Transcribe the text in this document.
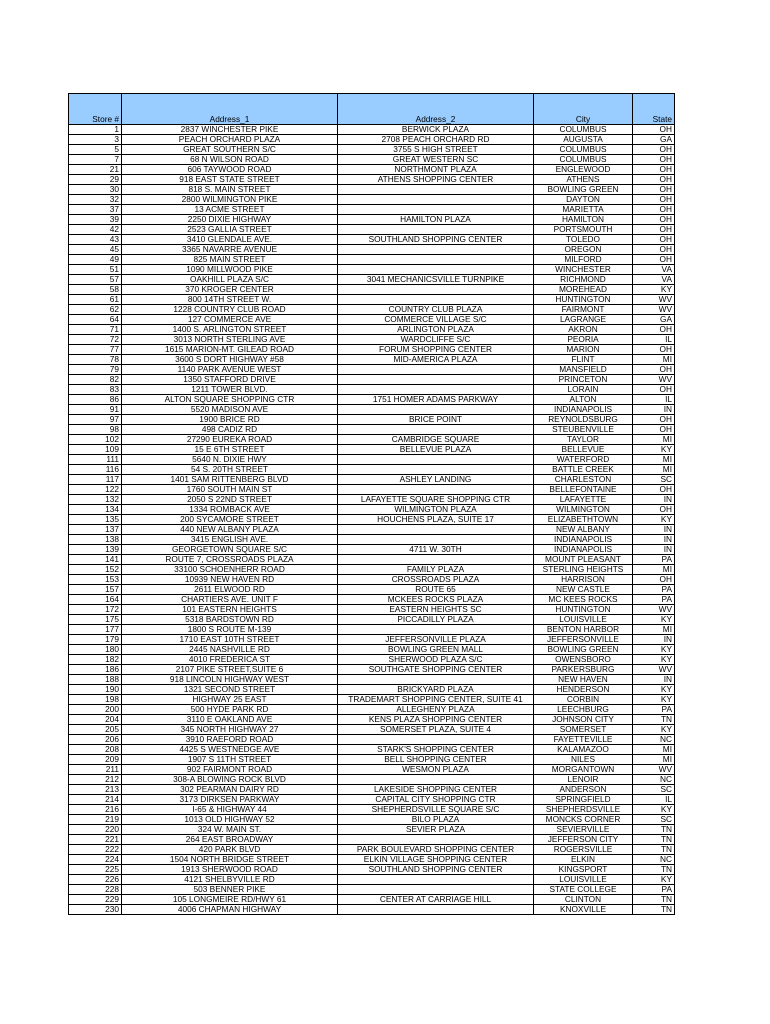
Store #	Address_1	Address_2	City	State
1	2837 WINCHESTER PIKE	BERWICK PLAZA	COLUMBUS	OH
3	PEACH ORCHARD PLAZA	2708 PEACH ORCHARD RD	AUGUSTA	GA
5	GREAT SOUTHERN S/C	3755 S HIGH STREET	COLUMBUS	OH
7	68 N WILSON ROAD	GREAT WESTERN SC	COLUMBUS	OH
21	606 TAYWOOD ROAD	NORTHMONT PLAZA	ENGLEWOOD	OH
29	918 EAST STATE STREET	ATHENS SHOPPING CENTER	ATHENS	OH
30	818 S. MAIN STREET		BOWLING GREEN	OH
32	2800 WILMINGTON PIKE		DAYTON	OH
37	13 ACME STREET		MARIETTA	OH
39	2250 DIXIE HIGHWAY	HAMILTON PLAZA	HAMILTON	OH
42	2523 GALLIA STREET		PORTSMOUTH	OH
43	3410 GLENDALE AVE.	SOUTHLAND SHOPPING CENTER	TOLEDO	OH
45	3365 NAVARRE AVENUE		OREGON	OH
49	825 MAIN STREET		MILFORD	OH
51	1090 MILLWOOD PIKE		WINCHESTER	VA
57	OAKHILL PLAZA S/C	3041 MECHANICSVILLE TURNPIKE	RICHMOND	VA
58	370 KROGER CENTER		MOREHEAD	KY
61	800 14TH STREET W.		HUNTINGTON	WV
62	1228 COUNTRY CLUB ROAD	COUNTRY CLUB PLAZA	FAIRMONT	WV
64	127 COMMERCE AVE	COMMERCE VILLAGE S/C	LAGRANGE	GA
71	1400 S. ARLINGTON STREET	ARLINGTON PLAZA	AKRON	OH
72	3013 NORTH STERLING AVE	WARDCLIFFE S/C	PEORIA	IL
77	1615 MARION-MT. GILEAD ROAD	FORUM SHOPPING CENTER	MARION	OH
78	3600 S DORT HIGHWAY #58	MID-AMERICA PLAZA	FLINT	MI
79	1140 PARK AVENUE WEST		MANSFIELD	OH
82	1350 STAFFORD DRIVE		PRINCETON	WV
83	1211 TOWER BLVD.		LORAIN	OH
86	ALTON SQUARE SHOPPING CTR	1751 HOMER ADAMS PARKWAY	ALTON	IL
91	5520 MADISON AVE		INDIANAPOLIS	IN
97	1900 BRICE RD	BRICE POINT	REYNOLDSBURG	OH
98	498 CADIZ RD		STEUBENVILLE	OH
102	27290 EUREKA ROAD	CAMBRIDGE SQUARE	TAYLOR	MI
109	15 E 6TH STREET	BELLEVUE PLAZA	BELLEVUE	KY
111	5640 N. DIXIE HWY		WATERFORD	MI
116	54 S. 20TH STREET		BATTLE CREEK	MI
117	1401 SAM RITTENBERG BLVD	ASHLEY LANDING	CHARLESTON	SC
122	1760 SOUTH MAIN ST		BELLEFONTAINE	OH
132	2050 S 22ND STREET	LAFAYETTE SQUARE SHOPPING CTR	LAFAYETTE	IN
134	1334 ROMBACK AVE	WILMINGTON PLAZA	WILMINGTON	OH
135	200 SYCAMORE STREET	HOUCHENS PLAZA, SUITE 17	ELIZABETHTOWN	KY
137	440 NEW ALBANY PLAZA		NEW ALBANY	IN
138	3415 ENGLISH AVE.		INDIANAPOLIS	IN
139	GEORGETOWN SQUARE S/C	4711 W. 30TH	INDIANAPOLIS	IN
141	ROUTE 7, CROSSROADS PLAZA		MOUNT PLEASANT	PA
152	33100 SCHOENHERR ROAD	FAMILY PLAZA	STERLING HEIGHTS	MI
153	10939 NEW HAVEN RD	CROSSROADS PLAZA	HARRISON	OH
157	2611 ELWOOD RD	ROUTE 65	NEW CASTLE	PA
164	CHARTIERS AVE. UNIT F	MCKEES ROCKS PLAZA	MC KEES ROCKS	PA
172	101 EASTERN HEIGHTS	EASTERN HEIGHTS SC	HUNTINGTON	WV
175	5318 BARDSTOWN RD	PICCADILLY PLAZA	LOUISVILLE	KY
177	1800 S ROUTE M-139		BENTON HARBOR	MI
179	1710 EAST 10TH STREET	JEFFERSONVILLE PLAZA	JEFFERSONVILLE	IN
180	2445 NASHVILLE RD	BOWLING GREEN MALL	BOWLING GREEN	KY
182	4010 FREDERICA ST	SHERWOOD PLAZA S/C	OWENSBORO	KY
186	2107 PIKE STREET,SUITE 6	SOUTHGATE SHOPPING CENTER	PARKERSBURG	WV
188	918 LINCOLN HIGHWAY WEST		NEW HAVEN	IN
190	1321 SECOND STREET	BRICKYARD PLAZA	HENDERSON	KY
198	HIGHWAY 25 EAST	TRADEMART SHOPPING CENTER, SUITE 41	CORBIN	KY
200	500 HYDE PARK RD	ALLEGHENY PLAZA	LEECHBURG	PA
204	3110 E OAKLAND AVE	KENS PLAZA SHOPPING CENTER	JOHNSON CITY	TN
205	345 NORTH HIGHWAY 27	SOMERSET PLAZA, SUITE 4	SOMERSET	KY
206	3910 RAEFORD ROAD		FAYETTEVILLE	NC
208	4425 S WESTNEDGE AVE	STARK'S SHOPPING CENTER	KALAMAZOO	MI
209	1907 S 11TH STREET	BELL SHOPPING CENTER	NILES	MI
211	902 FAIRMONT ROAD	WESMON PLAZA	MORGANTOWN	WV
212	308-A BLOWING ROCK BLVD		LENOIR	NC
213	302 PEARMAN DAIRY RD	LAKESIDE SHOPPING CENTER	ANDERSON	SC
214	3173 DIRKSEN PARKWAY	CAPITAL CITY SHOPPING CTR	SPRINGFIELD	IL
216	I-65 & HIGHWAY 44	SHEPHERDSVILLE SQUARE S/C	SHEPHERDSVILLE	KY
219	1013 OLD HIGHWAY 52	BILO PLAZA	MONCKS CORNER	SC
220	324 W. MAIN ST.	SEVIER PLAZA	SEVIERVILLE	TN
221	264 EAST BROADWAY		JEFFERSON CITY	TN
222	420 PARK BLVD	PARK BOULEVARD SHOPPING CENTER	ROGERSVILLE	TN
224	1504 NORTH BRIDGE STREET	ELKIN VILLAGE SHOPPING CENTER	ELKIN	NC
225	1913 SHERWOOD ROAD	SOUTHLAND SHOPPING CENTER	KINGSPORT	TN
226	4121 SHELBYVILLE RD		LOUISVILLE	KY
228	503 BENNER PIKE		STATE COLLEGE	PA
229	105 LONGMEIRE RD/HWY 61	CENTER AT CARRIAGE HILL	CLINTON	TN
230	4006 CHAPMAN HIGHWAY		KNOXVILLE	TN
